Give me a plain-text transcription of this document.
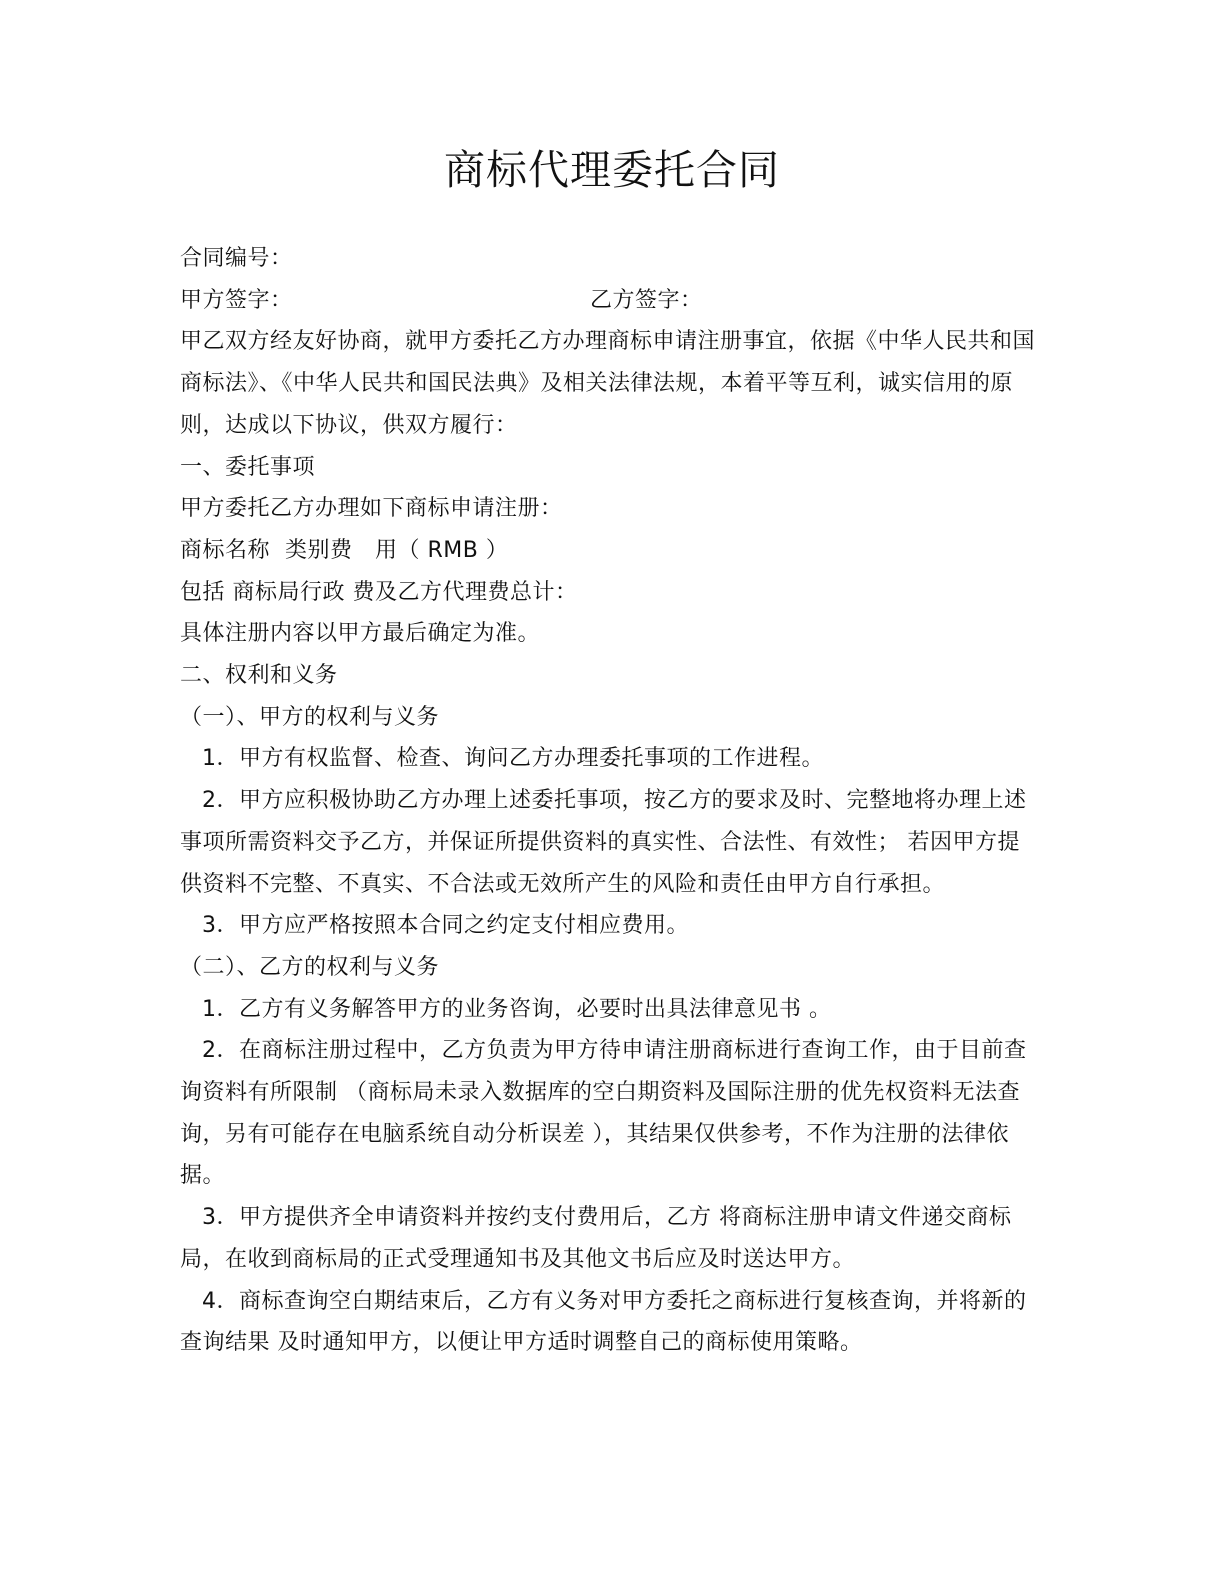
商标代理委托合同

合同编号：

甲方签字：	乙方签字：

甲乙双方经友好协商，就甲方委托乙方办理商标申请注册事宜，依据《中华人民共和国商标法》、《中华人民共和国民法典》及相关法律法规，本着平等互利，诚实信用的原则，达成以下协议，供双方履行：

一、委托事项

甲方委托乙方办理如下商标申请注册：

商标名称  类别费   用（ RMB ）

包括 商标局行政 费及乙方代理费总计：

具体注册内容以甲方最后确定为准。

二、权利和义务

（一）、甲方的权利与义务

1．甲方有权监督、检查、询问乙方办理委托事项的工作进程。

2．甲方应积极协助乙方办理上述委托事项，按乙方的要求及时、完整地将办理上述事项所需资料交予乙方，并保证所提供资料的真实性、合法性、有效性； 若因甲方提供资料不完整、不真实、不合法或无效所产生的风险和责任由甲方自行承担。

3．甲方应严格按照本合同之约定支付相应费用。

（二）、乙方的权利与义务

1．乙方有义务解答甲方的业务咨询，必要时出具法律意见书 。

2．在商标注册过程中，乙方负责为甲方待申请注册商标进行查询工作，由于目前查询资料有所限制 （商标局未录入数据库的空白期资料及国际注册的优先权资料无法查询，另有可能存在电脑系统自动分析误差 ），其结果仅供参考，不作为注册的法律依据。

3．甲方提供齐全申请资料并按约支付费用后，乙方 将商标注册申请文件递交商标局，在收到商标局的正式受理通知书及其他文书后应及时送达甲方。

4．商标查询空白期结束后，乙方有义务对甲方委托之商标进行复核查询，并将新的查询结果 及时通知甲方，以便让甲方适时调整自己的商标使用策略。
